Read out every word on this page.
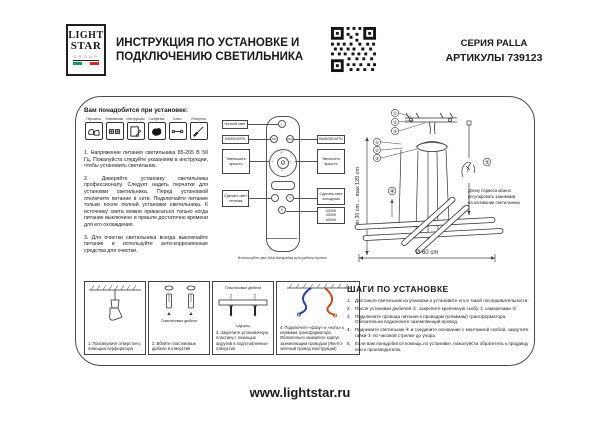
LIGHT
STAR
GROUP
ИНСТРУКЦИЯ ПО УСТАНОВКЕ И
ПОДКЛЮЧЕНИЮ СВЕТИЛЬНИКА
СЕРИЯ PALLA
АРТИКУЛЫ 739123
Вам понадобится при установке:
Перчатки	Клеммники Инструкция	Салфетка	Ключ	Отвертка

1. Напряжение питания светильника 85-265 В 50 Гц. Пожалуйста следуйте указаниям в инструкции, чтобы установить светильник.

2. Доверяйте установку светильника профессионалу. Следует надеть перчатки для установки светильника. Перед установкой отключите питание в сети. Подключайте питание только после полной установки светильника. К источнику света можно прикасаться только когда питание выключено и прошло достаточно времени для его охлаждения.

3. Для очистки светильника всегда выключайте питание и используйте анти-коррозионные средства для очистки.

☾
ON	OFF
+
−
‹	›
−	+
K
Ночной свет
ВКЛЮЧИТЬ
Уменьшить яркость
Сделать свет теплым
ВЫКЛЮЧИТЬ
Увеличить яркость
Сделать свет холодным
3000K
4000K
6000K
Используйте две AAA батарейки для работы пульта
min 30 cm ... max 120 cm
①
②
③
①
②
③
④
⑤
Длину подвеса можно
регулировать зажимами
на основании светильника
Ø 60 cm
1. Просверлите отверстия с помощью перфоратора
Пластиковые дюбели
2. Вбейте пластиковые дюбели в отверстия
Пластиковые дюбели
Шурупы
3. Закрепите установочную пластину с помощью шурупов в подготовленные отверстия
4. Подключите «фазу» и «ноль» к клеммам трансформатора. Обязательно заземлите корпус заземляющим проводом (Желто-зеленый провод конструкции)
ШАГИ ПО УСТАНОВКЕ
1. Достаньте светильник из упаковки и установите его в такой последовательности:
2. После установки дюбелей ②, закрепите крепежную скобу ① саморезами ③.
3. Подключите провода питания к проводам (клеммам) трансформатора. Обязательно подключите заземляющий провод.
4. Поднимите светильник ④ и соедините основание с монтажной скобой, закрутите гайки ⑤ по часовой стрелке до упора.
5. Если вам понадобится помощь по установке, пожалуйста обратитесь к продавцу или к производителю.
www.lightstar.ru
